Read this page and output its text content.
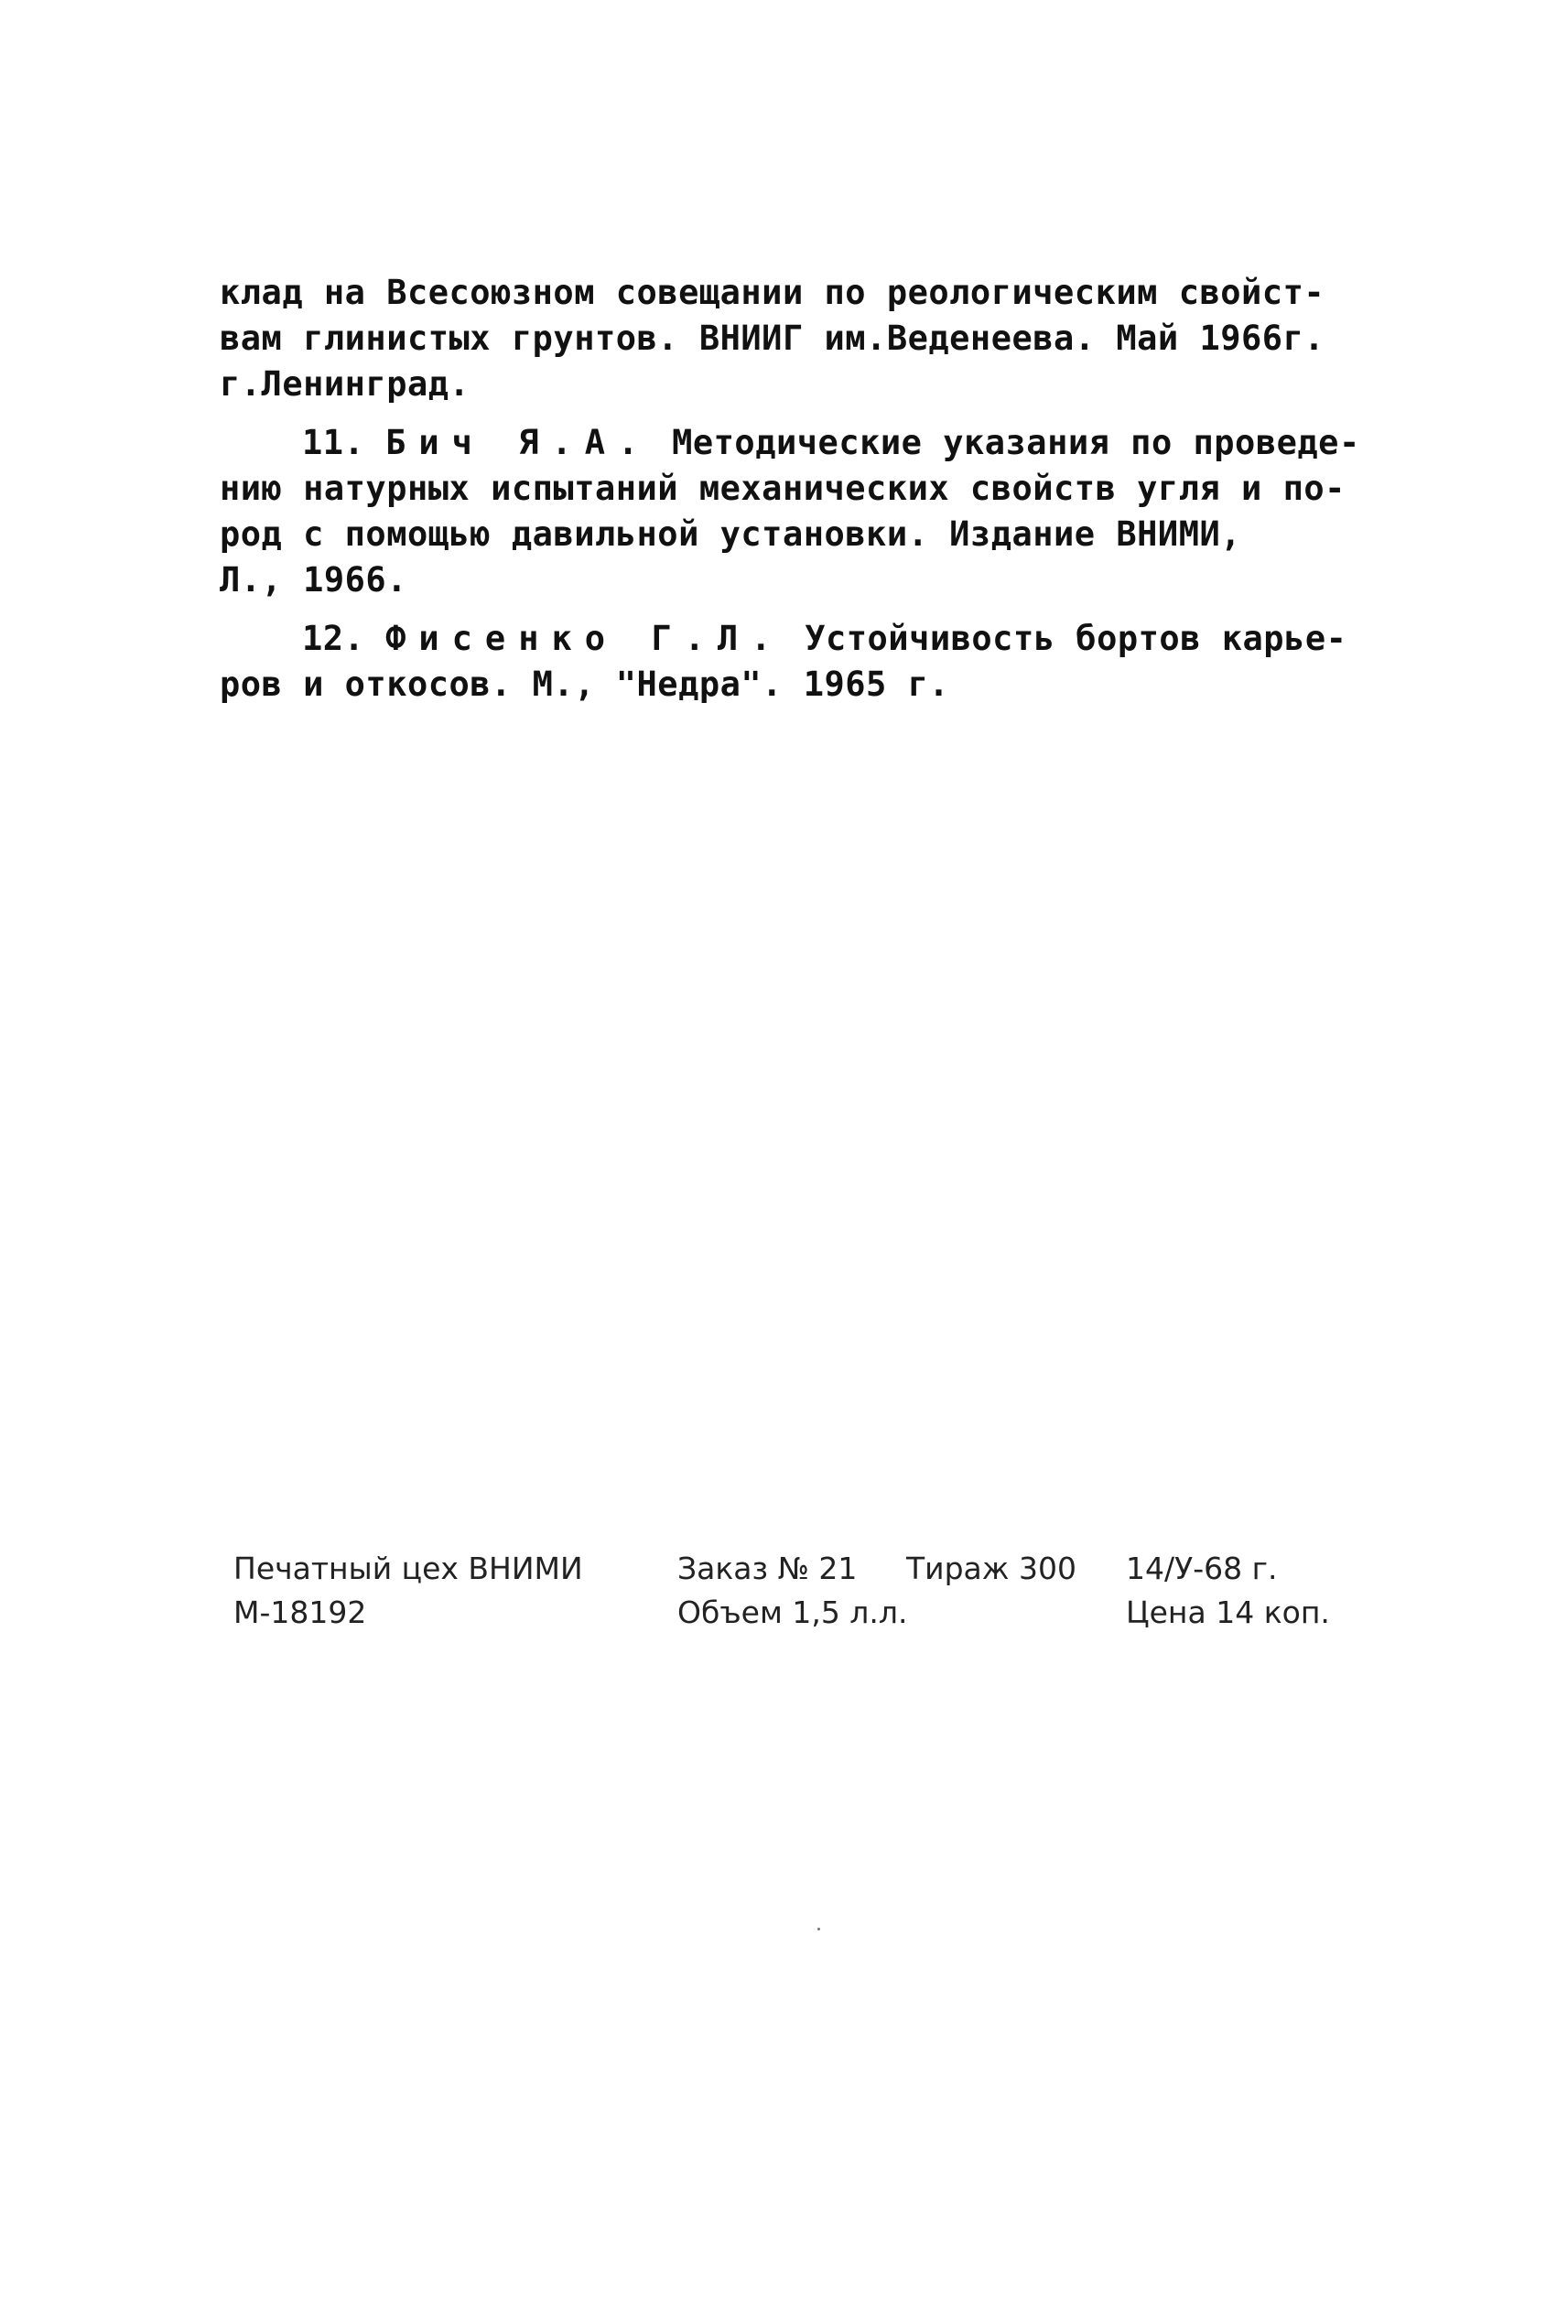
клад на Всесоюзном совещании по реологическим свойст-
вам глинистых грунтов. ВНИИГ им.Веденеева. Май 1966г.
г.Ленинград.
11. Бич Я.А. Методические указания по проведе-
нию натурных испытаний механических свойств угля и по-
род с помощью давильной установки. Издание ВНИМИ,
Л., 1966.
12. Фисенко Г.Л. Устойчивость бортов карье-
ров и откосов. М., "Недра". 1965 г.
Печатный цех ВНИМИ	Заказ № 21 Тираж 300 14/У-68 г.
М-18192	Объем 1,5 л.л.	Цена 14 коп.
